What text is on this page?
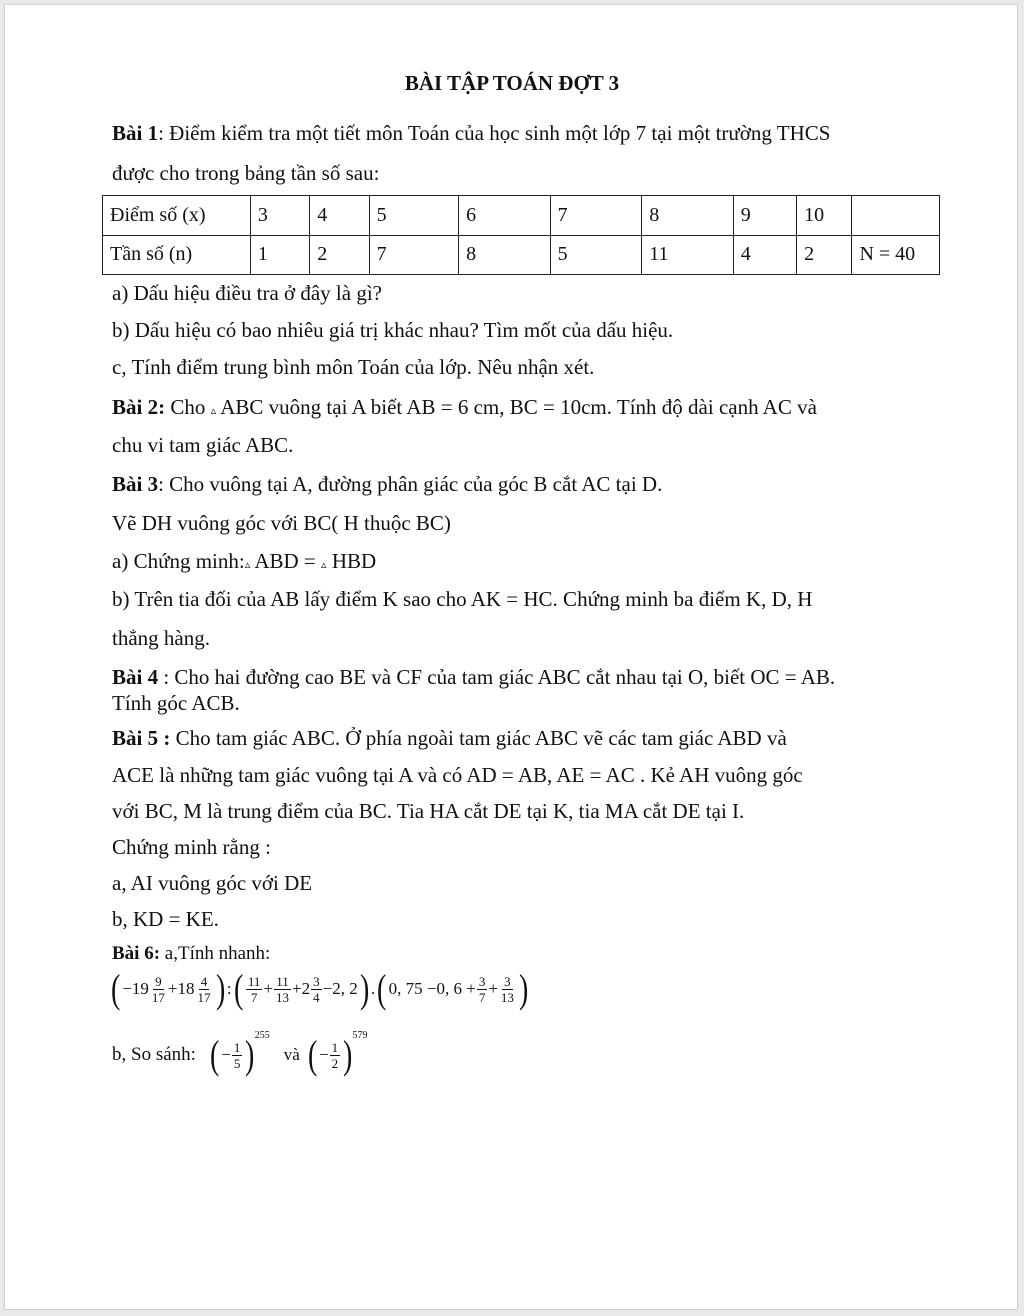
BÀI TẬP TOÁN ĐỢT 3
Bài 1: Điểm kiểm tra một tiết môn Toán của học sinh một lớp 7 tại một trường THCS
được cho trong bảng tần số sau:
Điểm số (x)	3	4	5	6	7	8	9	10	
Tần số (n)	1	2	7	8	5	11	4	2	N = 40
a) Dấu hiệu điều tra ở đây là gì?
b) Dấu hiệu có bao nhiêu giá trị khác nhau? Tìm mốt của dấu hiệu.
c, Tính điểm trung bình môn Toán của lớp. Nêu nhận xét.
Bài 2: Cho ▵ ABC vuông tại A biết AB = 6 cm, BC = 10cm. Tính độ dài cạnh AC và
chu vi tam giác ABC.
Bài 3: Cho vuông tại A, đường phân giác của góc B cắt AC tại D.
Vẽ DH vuông góc với BC( H thuộc BC)
a) Chứng minh:▵ ABD = ▵ HBD
b) Trên tia đối của AB lấy điểm K sao cho AK = HC. Chứng minh ba điểm K, D, H
thẳng hàng.
Bài 4 : Cho hai đường cao BE và CF của tam giác ABC cắt nhau tại O, biết OC = AB.
Tính góc ACB.
Bài 5 : Cho tam giác ABC. Ở phía ngoài tam giác ABC vẽ các tam giác ABD và
ACE là những tam giác vuông tại A và có AD = AB, AE = AC . Kẻ AH vuông góc
với BC, M là trung điểm của BC. Tia HA cắt DE tại K, tia MA cắt DE tại I.
Chứng minh rằng :
a, AI vuông góc với DE
b, KD = KE.
Bài 6: a,Tính nhanh:
( $-19 \frac{9}{17} +18 \frac{4}{17}$ ) : ( $\frac{11}{7} + \frac{11}{13} +2 \frac{3}{4} -2$, 2 ) . ( 0, 75 −0, $6 + \frac{3}{7} + \frac{3}{13}$ )
b, So sánh: ( − $\frac{1}{5}$ ) 255
và ( − $\frac{1}{2}$ ) 579
